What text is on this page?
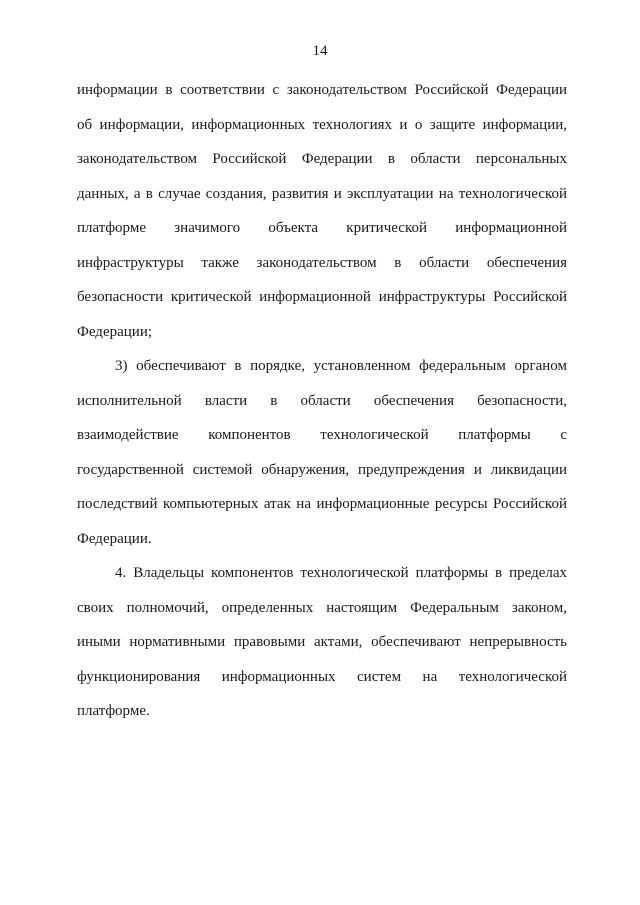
14
информации в соответствии с законодательством Российской Федерации
об информации, информационных технологиях и о защите информации,
законодательством Российской Федерации в области персональных
данных, а в случае создания, развития и эксплуатации на технологической
платформе значимого объекта критической информационной
инфраструктуры также законодательством в области обеспечения
безопасности критической информационной инфраструктуры Российской
Федерации;
3) обеспечивают в порядке, установленном федеральным органом
исполнительной власти в области обеспечения безопасности,
взаимодействие компонентов технологической платформы с
государственной системой обнаружения, предупреждения и ликвидации
последствий компьютерных атак на информационные ресурсы Российской
Федерации.
4. Владельцы компонентов технологической платформы в пределах
своих полномочий, определенных настоящим Федеральным законом,
иными нормативными правовыми актами, обеспечивают непрерывность
функционирования информационных систем на технологической
платформе.
